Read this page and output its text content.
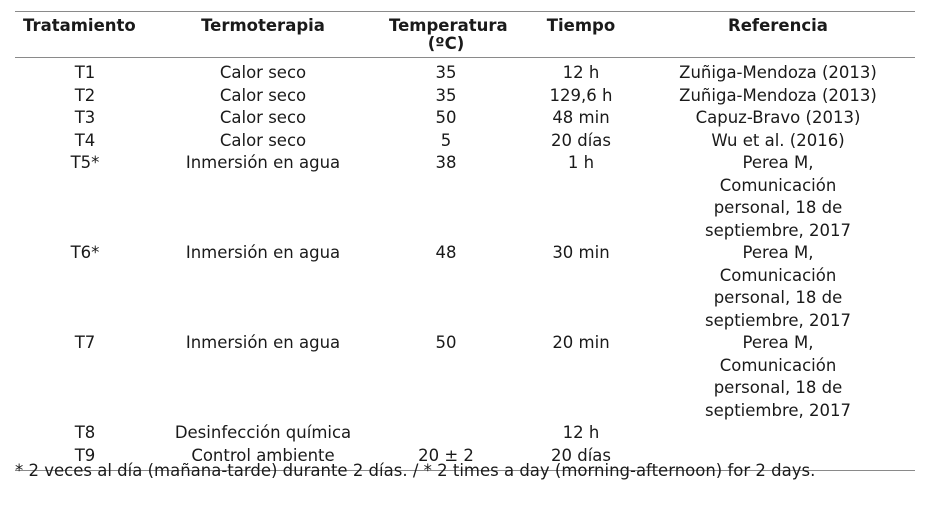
Tratamiento	Termoterapia	Temperatura (ºC)	Tiempo	Referencia
T1	Calor seco	35	12 h	Zuñiga-Mendoza (2013)
T2	Calor seco	35	129,6 h	Zuñiga-Mendoza (2013)
T3	Calor seco	50	48 min	Capuz-Bravo (2013)
T4	Calor seco	5	20 días	Wu et al. (2016)
T5*	Inmersión en agua	38	1 h	Perea M, Comunicación personal, 18 de septiembre, 2017
T6*	Inmersión en agua	48	30 min	Perea M, Comunicación personal, 18 de septiembre, 2017
T7	Inmersión en agua	50	20 min	Perea M, Comunicación personal, 18 de septiembre, 2017
T8	Desinfección química		12 h	
T9	Control ambiente	20 ± 2	20 días	
* 2 veces al día (mañana-tarde) durante 2 días. / * 2 times a day (morning-afternoon) for 2 days.
